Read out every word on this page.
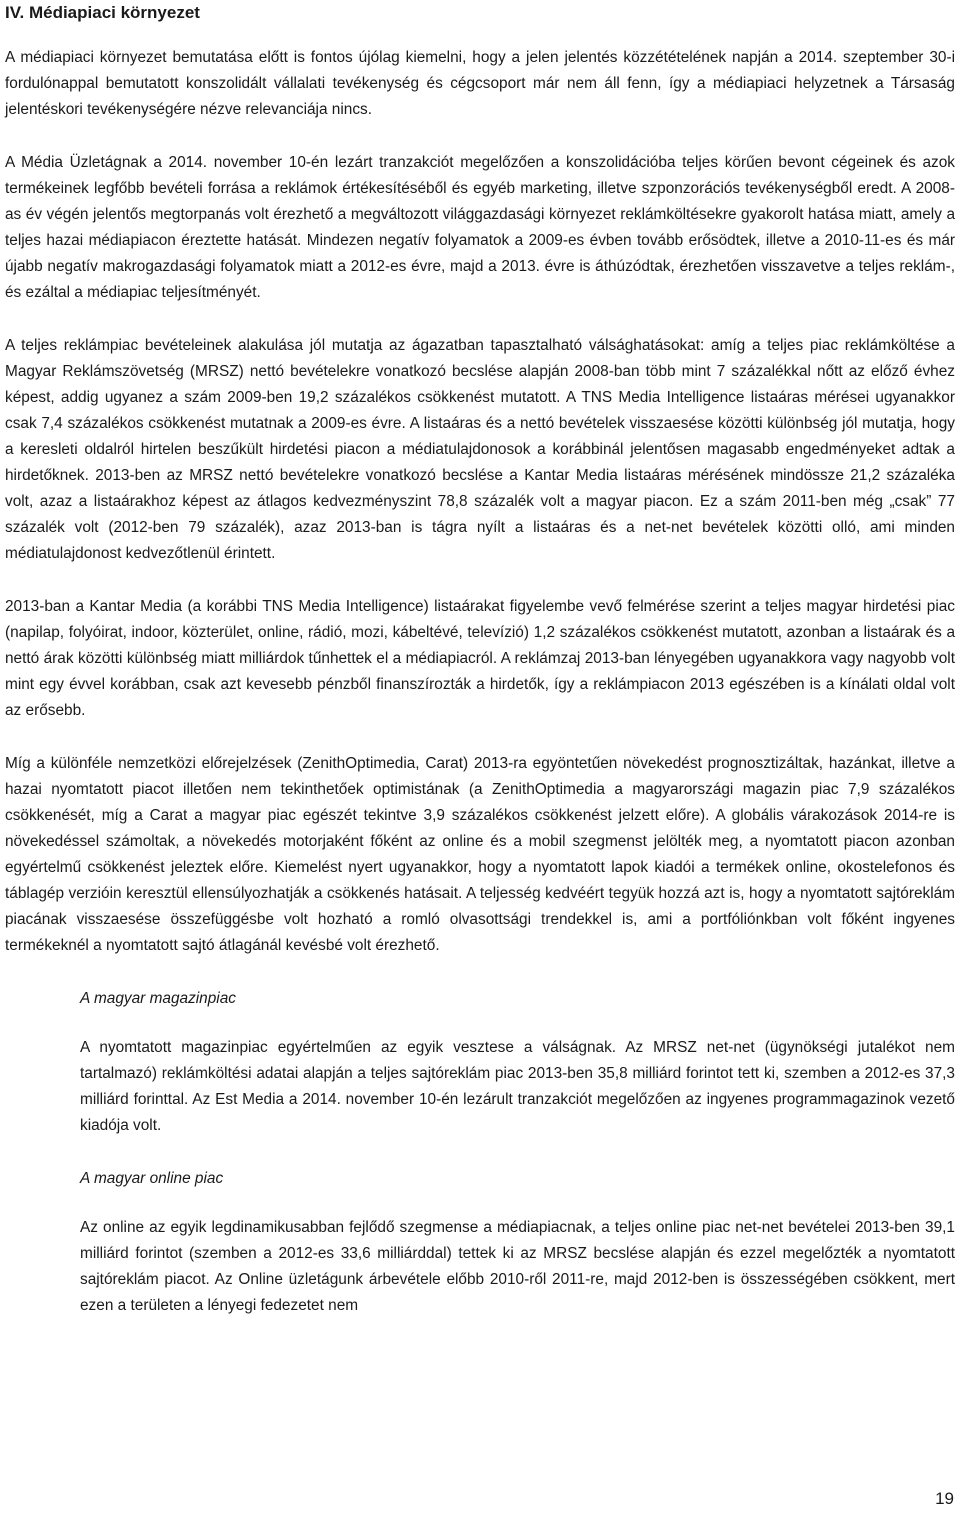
IV. Médiapiaci környezet

A médiapiaci környezet bemutatása előtt is fontos újólag kiemelni, hogy a jelen jelentés közzétételének napján a 2014. szeptember 30-i fordulónappal bemutatott konszolidált vállalati tevékenység és cégcsoport már nem áll fenn, így a médiapiaci helyzetnek a Társaság jelentéskori tevékenységére nézve relevanciája nincs.

A Média Üzletágnak a 2014. november 10-én lezárt tranzakciót megelőzően a konszolidációba teljes körűen bevont cégeinek és azok termékeinek legfőbb bevételi forrása a reklámok értékesítéséből és egyéb marketing, illetve szponzorációs tevékenységből eredt. A 2008-as év végén jelentős megtorpanás volt érezhető a megváltozott világgazdasági környezet reklámköltésekre gyakorolt hatása miatt, amely a teljes hazai médiapiacon éreztette hatását. Mindezen negatív folyamatok a 2009-es évben tovább erősödtek, illetve a 2010-11-es és már újabb negatív makrogazdasági folyamatok miatt a 2012-es évre, majd a 2013. évre is áthúzódtak, érezhetően visszavetve a teljes reklám-, és ezáltal a médiapiac teljesítményét.

A teljes reklámpiac bevételeinek alakulása jól mutatja az ágazatban tapasztalható válsághatásokat: amíg a teljes piac reklámköltése a Magyar Reklámszövetség (MRSZ) nettó bevételekre vonatkozó becslése alapján 2008-ban több mint 7 százalékkal nőtt az előző évhez képest, addig ugyanez a szám 2009-ben 19,2 százalékos csökkenést mutatott. A TNS Media Intelligence listaáras mérései ugyanakkor csak 7,4 százalékos csökkenést mutatnak a 2009-es évre. A listaáras és a nettó bevételek visszaesése közötti különbség jól mutatja, hogy a keresleti oldalról hirtelen beszűkült hirdetési piacon a médiatulajdonosok a korábbinál jelentősen magasabb engedményeket adtak a hirdetőknek. 2013-ben az MRSZ nettó bevételekre vonatkozó becslése a Kantar Media listaáras mérésének mindössze 21,2 százaléka volt, azaz a listaárakhoz képest az átlagos kedvezményszint 78,8 százalék volt a magyar piacon. Ez a szám 2011-ben még „csak” 77 százalék volt (2012-ben 79 százalék), azaz 2013-ban is tágra nyílt a listaáras és a net-net bevételek közötti olló, ami minden médiatulajdonost kedvezőtlenül érintett.

2013-ban a Kantar Media (a korábbi TNS Media Intelligence) listaárakat figyelembe vevő felmérése szerint a teljes magyar hirdetési piac (napilap, folyóirat, indoor, közterület, online, rádió, mozi, kábeltévé, televízió) 1,2 százalékos csökkenést mutatott, azonban a listaárak és a nettó árak közötti különbség miatt milliárdok tűnhettek el a médiapiacról. A reklámzaj 2013-ban lényegében ugyanakkora vagy nagyobb volt mint egy évvel korábban, csak azt kevesebb pénzből finanszírozták a hirdetők, így a reklámpiacon 2013 egészében is a kínálati oldal volt az erősebb.

Míg a különféle nemzetközi előrejelzések (ZenithOptimedia, Carat) 2013-ra egyöntetűen növekedést prognosztizáltak, hazánkat, illetve a hazai nyomtatott piacot illetően nem tekinthetőek optimistának (a ZenithOptimedia a magyarországi magazin piac 7,9 százalékos csökkenését, míg a Carat a magyar piac egészét tekintve 3,9 százalékos csökkenést jelzett előre). A globális várakozások 2014-re is növekedéssel számoltak, a növekedés motorjaként főként az online és a mobil szegmenst jelölték meg, a nyomtatott piacon azonban egyértelmű csökkenést jeleztek előre. Kiemelést nyert ugyanakkor, hogy a nyomtatott lapok kiadói a termékek online, okostelefonos és táblagép verzióin keresztül ellensúlyozhatják a csökkenés hatásait. A teljesség kedvéért tegyük hozzá azt is, hogy a nyomtatott sajtóreklám piacának visszaesése összefüggésbe volt hozható a romló olvasottsági trendekkel is, ami a portfóliónkban volt főként ingyenes termékeknél a nyomtatott sajtó átlagánál kevésbé volt érezhető.

A magyar magazinpiac

A nyomtatott magazinpiac egyértelműen az egyik vesztese a válságnak. Az MRSZ net-net (ügynökségi jutalékot nem tartalmazó) reklámköltési adatai alapján a teljes sajtóreklám piac 2013-ben 35,8 milliárd forintot tett ki, szemben a 2012-es 37,3 milliárd forinttal. Az Est Media a 2014. november 10-én lezárult tranzakciót megelőzően az ingyenes programmagazinok vezető kiadója volt.

A magyar online piac

Az online az egyik legdinamikusabban fejlődő szegmense a médiapiacnak, a teljes online piac net-net bevételei 2013-ben 39,1 milliárd forintot (szemben a 2012-es 33,6 milliárddal) tettek ki az MRSZ becslése alapján és ezzel megelőzték a nyomtatott sajtóreklám piacot. Az Online üzletágunk árbevétele előbb 2010-ről 2011-re, majd 2012-ben is összességében csökkent, mert ezen a területen a lényegi fedezetet nem

19
